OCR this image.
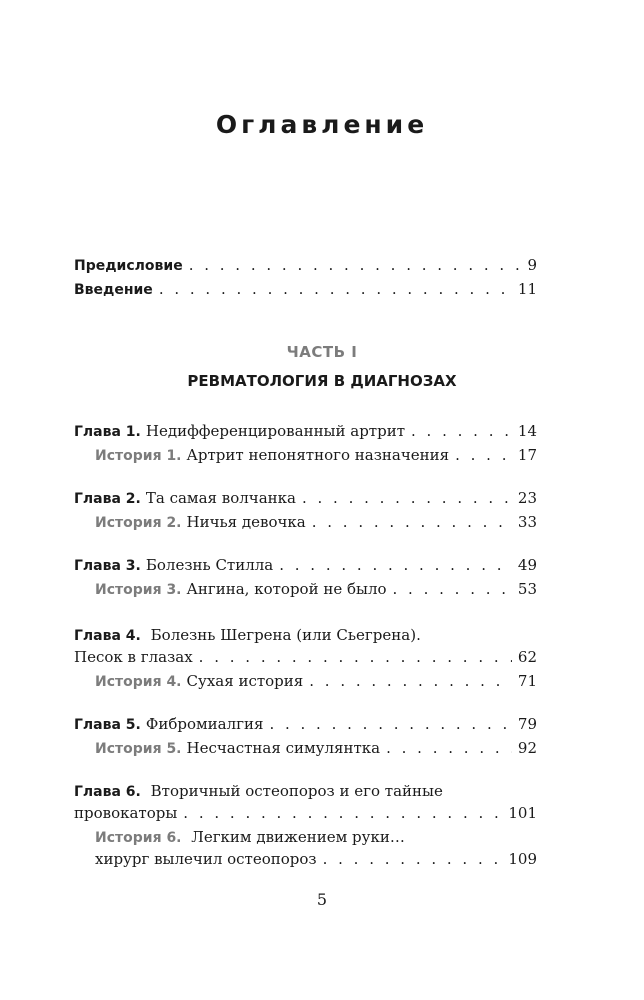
Оглавление
Предисловие . . .	9
Введение . . .	11
ЧАСТЬ I
РЕВМАТОЛОГИЯ В ДИАГНОЗАХ
Глава 1. Недифференцированный артрит . . .	14
История 1. Артрит непонятного назначения . . .	17
Глава 2. Та самая волчанка . . .	23
История 2. Ничья девочка . . .	33
Глава 3. Болезнь Стилла . . .	49
История 3. Ангина, которой не было . . .	53
Глава 4. Болезнь Шегрена (или Сьегрена).
Песок в глазах . . .	62
История 4. Сухая история . . .	71
Глава 5. Фибромиалгия . . .	79
История 5. Несчастная симулянтка . . .	92
Глава 6. Вторичный остеопороз и его тайные
провокаторы . . .	101
История 6. Легким движением руки…
хирург вылечил остеопороз . . .	109
5
